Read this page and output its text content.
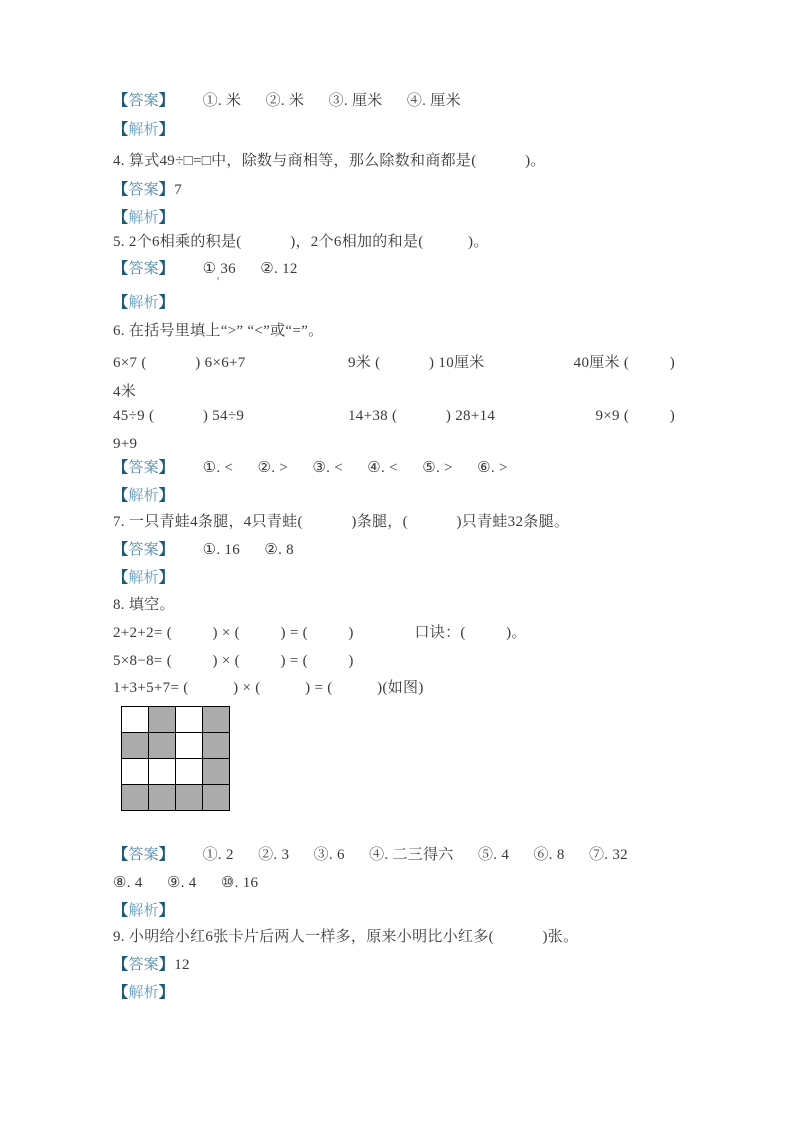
【答案】       ①. 米      ②. 米      ③. 厘米      ④. 厘米
【解析】
4. 算式49÷□=□中，除数与商相等，那么除数和商都是(            )。
【答案】7
【解析】
5. 2个6相乘的积是(            )，2个6相加的和是(           )。
【答案】       ① 36      ②. 12
'
【解析】
6. 在括号里填上“>” “<”或“=”。
6×7 (            ) 6×6+7	9米 (            ) 10厘米	40厘米 (          )
4米
45÷9 (            ) 54÷9	14+38 (            ) 28+14	9×9 (          )
9+9
【答案】       ①. <      ②. >      ③. <      ④. <      ⑤. >      ⑥. >
【解析】
7. 一只青蛙4条腿，4只青蛙(            )条腿，(            )只青蛙32条腿。
【答案】       ①. 16      ②. 8
【解析】
8. 填空。
2+2+2= (          ) × (          ) = (          )               口诀：(          )。
5×8−8= (          ) × (          ) = (          )
1+3+5+7= (           ) × (           ) = (           )(如图)
【答案】       ①. 2      ②. 3      ③. 6      ④. 二三得六      ⑤. 4      ⑥. 8      ⑦. 32
⑧. 4      ⑨. 4      ⑩. 16
【解析】
9. 小明给小红6张卡片后两人一样多，原来小明比小红多(            )张。
【答案】12
【解析】
